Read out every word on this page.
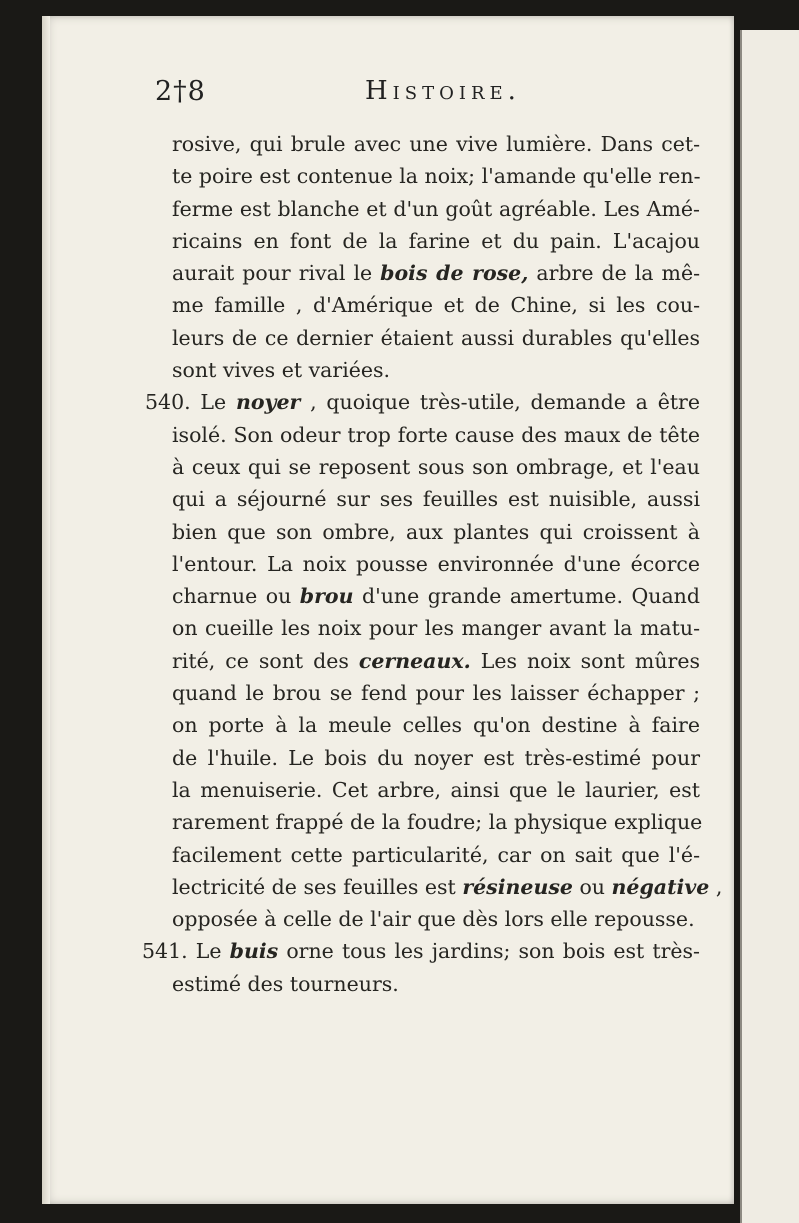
2†8	Histoire.
rosive, qui brule avec une vive lumière. Dans cet-
te poire est contenue la noix; l'amande qu'elle ren-
ferme est blanche et d'un goût agréable. Les Amé-
ricains en font de la farine et du pain. L'acajou
aurait pour rival le bois de rose, arbre de la mê-
me famille , d'Amérique et de Chine, si les cou-
leurs de ce dernier étaient aussi durables qu'elles
sont vives et variées.
540. Le noyer , quoique très-utile, demande a être
isolé. Son odeur trop forte cause des maux de tête
à ceux qui se reposent sous son ombrage, et l'eau
qui a séjourné sur ses feuilles est nuisible, aussi
bien que son ombre, aux plantes qui croissent à
l'entour. La noix pousse environnée d'une écorce
charnue ou brou d'une grande amertume. Quand
on cueille les noix pour les manger avant la matu-
rité, ce sont des cerneaux. Les noix sont mûres
quand le brou se fend pour les laisser échapper ;
on porte à la meule celles qu'on destine à faire
de l'huile. Le bois du noyer est très-estimé pour
la menuiserie. Cet arbre, ainsi que le laurier, est
rarement frappé de la foudre; la physique explique
facilement cette particularité, car on sait que l'é-
lectricité de ses feuilles est résineuse ou négative ,
opposée à celle de l'air que dès lors elle repousse.
541. Le buis orne tous les jardins; son bois est très-
estimé des tourneurs.
